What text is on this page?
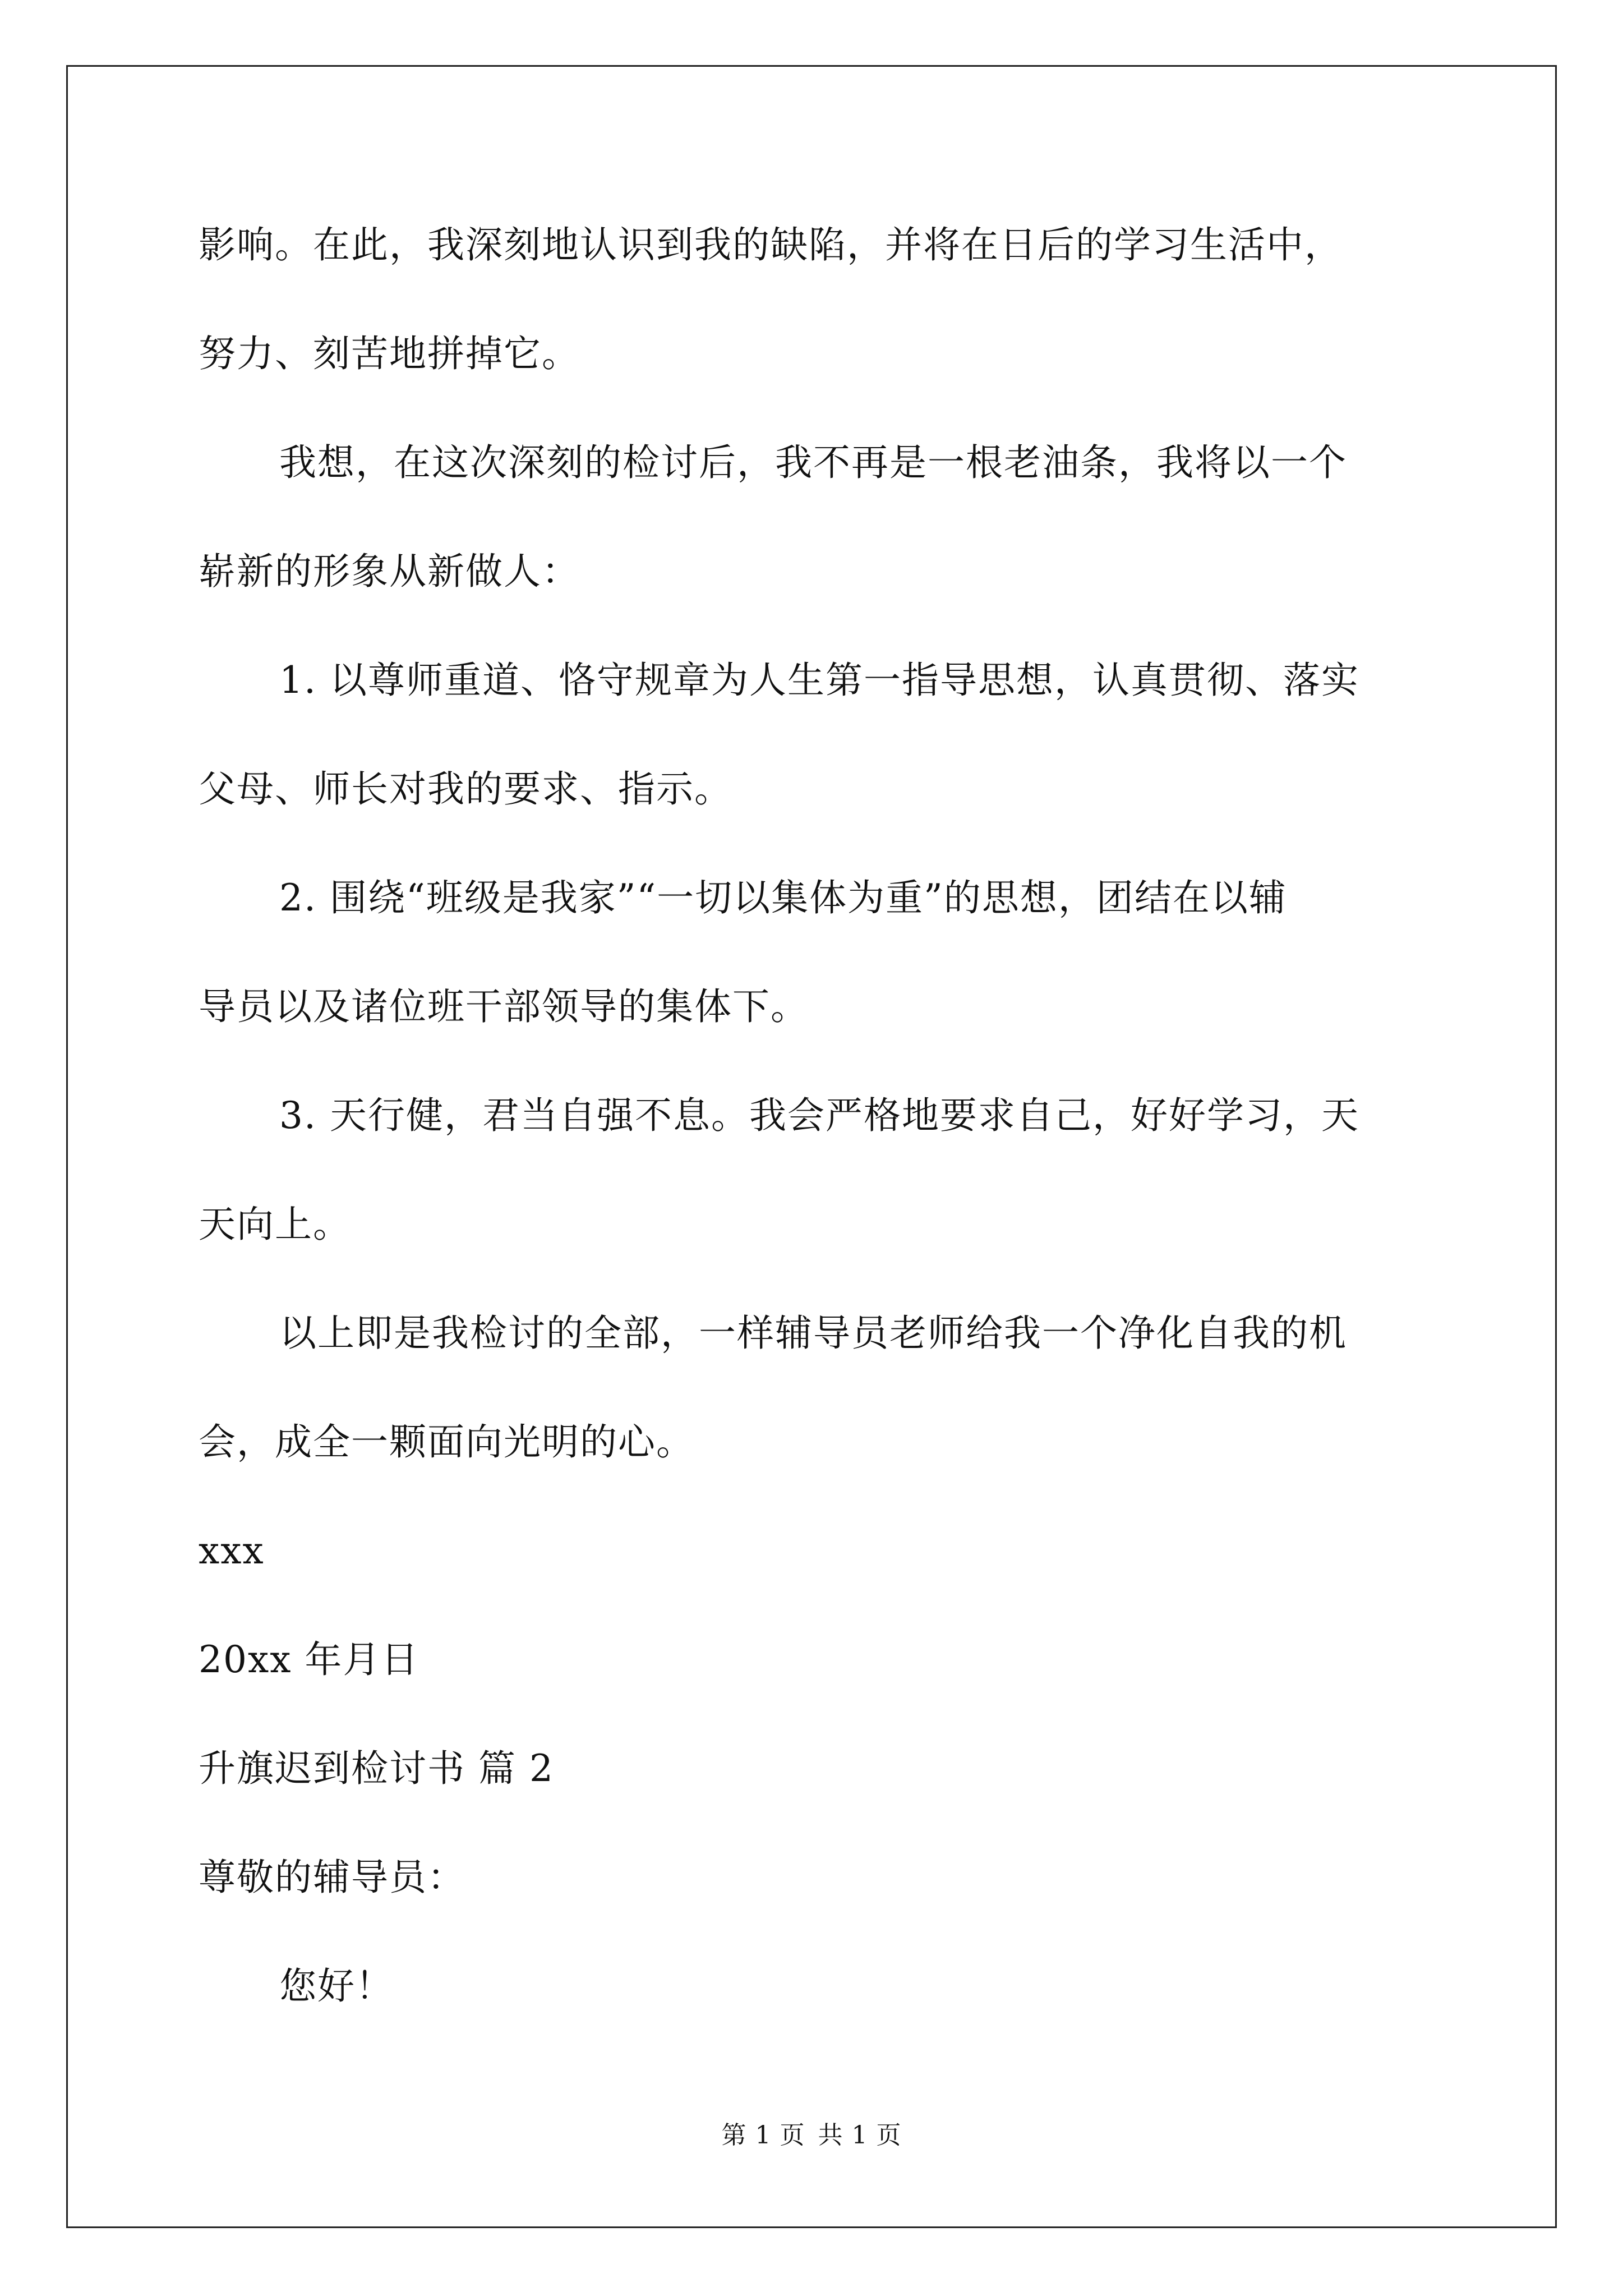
影响。在此，我深刻地认识到我的缺陷，并将在日后的学习生活中，

努力、刻苦地拼掉它。

我想，在这次深刻的检讨后，我不再是一根老油条，我将以一个

崭新的形象从新做人：

1. 以尊师重道、恪守规章为人生第一指导思想，认真贯彻、落实

父母、师长对我的要求、指示。

2. 围绕“班级是我家”“一切以集体为重”的思想，团结在以辅

导员以及诸位班干部领导的集体下。

3. 天行健，君当自强不息。我会严格地要求自己，好好学习，天

天向上。

以上即是我检讨的全部，一样辅导员老师给我一个净化自我的机

会，成全一颗面向光明的心。

xxx

20xx 年月日

升旗迟到检讨书 篇 2

尊敬的辅导员：

您好！

第 1 页 共 1 页
